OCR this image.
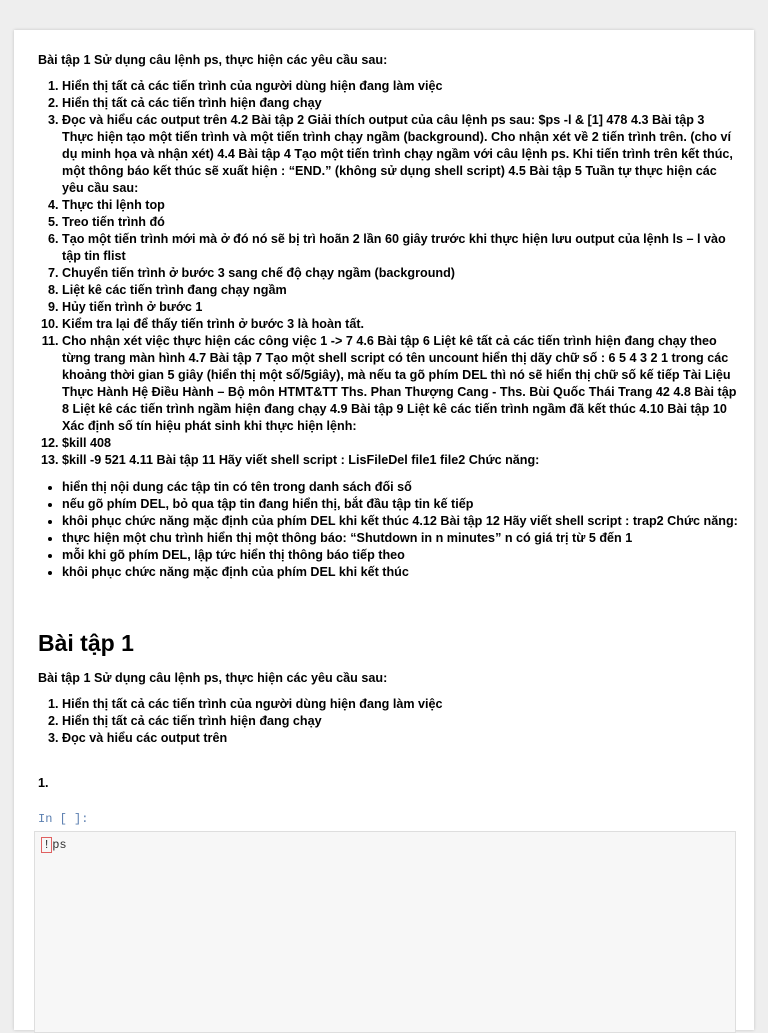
Bài tập 1 Sử dụng câu lệnh ps, thực hiện các yêu cầu sau:

1. Hiển thị tất cả các tiến trình của người dùng hiện đang làm việc
2. Hiển thị tất cả các tiến trình hiện đang chạy
3. Đọc và hiểu các output trên 4.2 Bài tập 2 Giải thích output của câu lệnh ps sau: $ps -l & [1] 478 4.3 Bài tập 3 Thực hiện tạo một tiến trình và một tiến trình chạy ngầm (background). Cho nhận xét về 2 tiến trình trên. (cho ví dụ minh họa và nhận xét) 4.4 Bài tập 4 Tạo một tiến trình chạy ngầm với câu lệnh ps. Khi tiến trình trên kết thúc, một thông báo kết thúc sẽ xuất hiện : “END.” (không sử dụng shell script) 4.5 Bài tập 5 Tuần tự thực hiện các yêu cầu sau:
4. Thực thi lệnh top
5. Treo tiến trình đó
6. Tạo một tiến trình mới mà ở đó nó sẽ bị trì hoãn 2 lần 60 giây trước khi thực hiện lưu output của lệnh ls – l vào tập tin flist
7. Chuyển tiến trình ở bước 3 sang chế độ chạy ngầm (background)
8. Liệt kê các tiến trình đang chạy ngầm
9. Hủy tiến trình ở bước 1
10. Kiểm tra lại để thấy tiến trình ở bước 3 là hoàn tất.
11. Cho nhận xét việc thực hiện các công việc 1 -> 7 4.6 Bài tập 6 Liệt kê tất cả các tiến trình hiện đang chạy theo từng trang màn hình 4.7 Bài tập 7 Tạo một shell script có tên uncount hiển thị dãy chữ số : 6 5 4 3 2 1 trong các khoảng thời gian 5 giây (hiển thị một số/5giây), mà nếu ta gõ phím DEL thì nó sẽ hiển thị chữ số kế tiếp Tài Liệu Thực Hành Hệ Điều Hành – Bộ môn HTMT&TT Ths. Phan Thượng Cang - Ths. Bùi Quốc Thái Trang 42 4.8 Bài tập 8 Liệt kê các tiến trình ngầm hiện đang chạy 4.9 Bài tập 9 Liệt kê các tiến trình ngầm đã kết thúc 4.10 Bài tập 10 Xác định số tín hiệu phát sinh khi thực hiện lệnh:
12. $kill 408
13. $kill -9 521 4.11 Bài tập 11 Hãy viết shell script : LisFileDel file1 file2 Chức năng:
• hiển thị nội dung các tập tin có tên trong danh sách đối số
• nếu gõ phím DEL, bỏ qua tập tin đang hiển thị, bắt đầu tập tin kế tiếp
• khôi phục chức năng mặc định của phím DEL khi kết thúc 4.12 Bài tập 12 Hãy viết shell script : trap2 Chức năng:
• thực hiện một chu trình hiển thị một thông báo: “Shutdown in n minutes” n có giá trị từ 5 đến 1
• mỗi khi gõ phím DEL, lập tức hiển thị thông báo tiếp theo
• khôi phục chức năng mặc định của phím DEL khi kết thúc
Bài tập 1

Bài tập 1 Sử dụng câu lệnh ps, thực hiện các yêu cầu sau:

1. Hiển thị tất cả các tiến trình của người dùng hiện đang làm việc
2. Hiển thị tất cả các tiến trình hiện đang chạy
3. Đọc và hiểu các output trên
1.
In [ ]:
! ps
